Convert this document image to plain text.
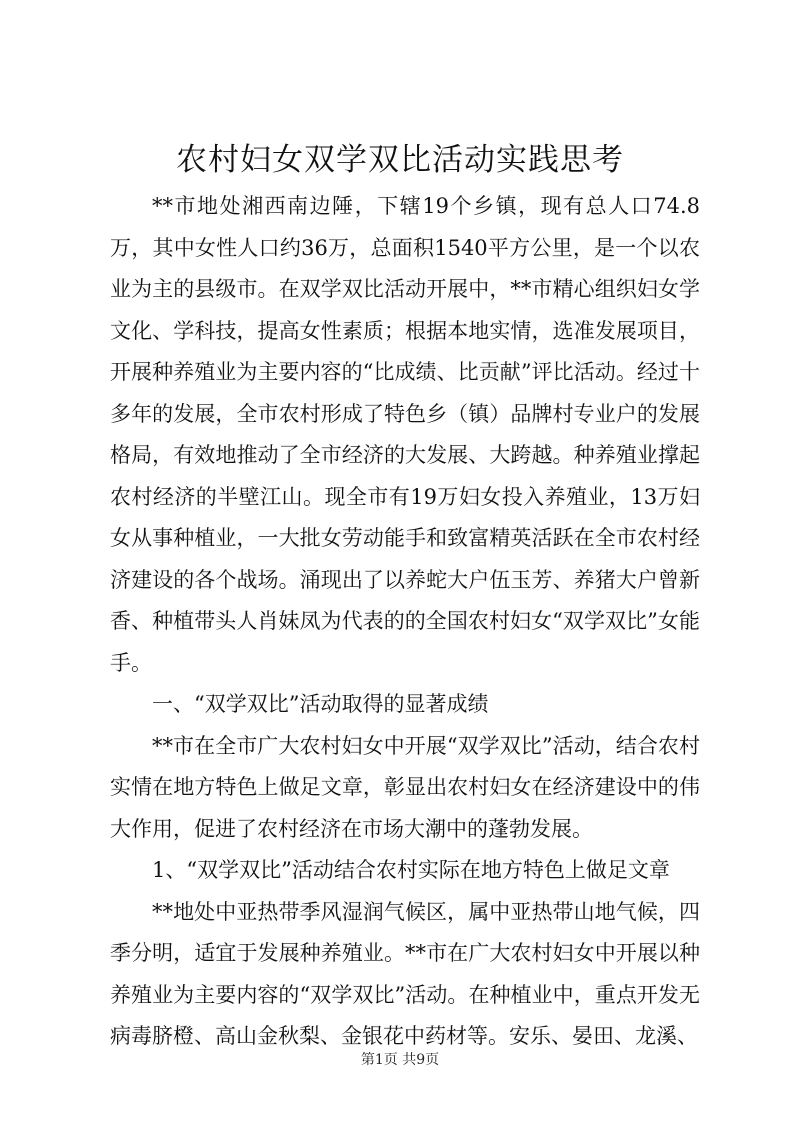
农村妇女双学双比活动实践思考

**市地处湘西南边陲，下辖19个乡镇，现有总人口74.8万，其中女性人口约36万，总面积1540平方公里，是一个以农业为主的县级市。在双学双比活动开展中，**市精心组织妇女学文化、学科技，提高女性素质；根据本地实情，选准发展项目，开展种养殖业为主要内容的“比成绩、比贡献”评比活动。经过十多年的发展，全市农村形成了特色乡（镇）品牌村专业户的发展格局，有效地推动了全市经济的大发展、大跨越。种养殖业撑起农村经济的半壁江山。现全市有19万妇女投入养殖业，13万妇女从事种植业，一大批女劳动能手和致富精英活跃在全市农村经济建设的各个战场。涌现出了以养蛇大户伍玉芳、养猪大户曾新香、种植带头人肖妹凤为代表的的全国农村妇女“双学双比”女能手。

一、“双学双比”活动取得的显著成绩

**市在全市广大农村妇女中开展“双学双比”活动，结合农村实情在地方特色上做足文章，彰显出农村妇女在经济建设中的伟大作用，促进了农村经济在市场大潮中的蓬勃发展。

1、“双学双比”活动结合农村实际在地方特色上做足文章

**地处中亚热带季风湿润气候区，属中亚热带山地气候，四季分明，适宜于发展种养殖业。**市在广大农村妇女中开展以种养殖业为主要内容的“双学双比”活动。在种植业中，重点开发无病毒脐橙、高山金秋梨、金银花中药材等。安乐、晏田、龙溪、

第1页 共9页
